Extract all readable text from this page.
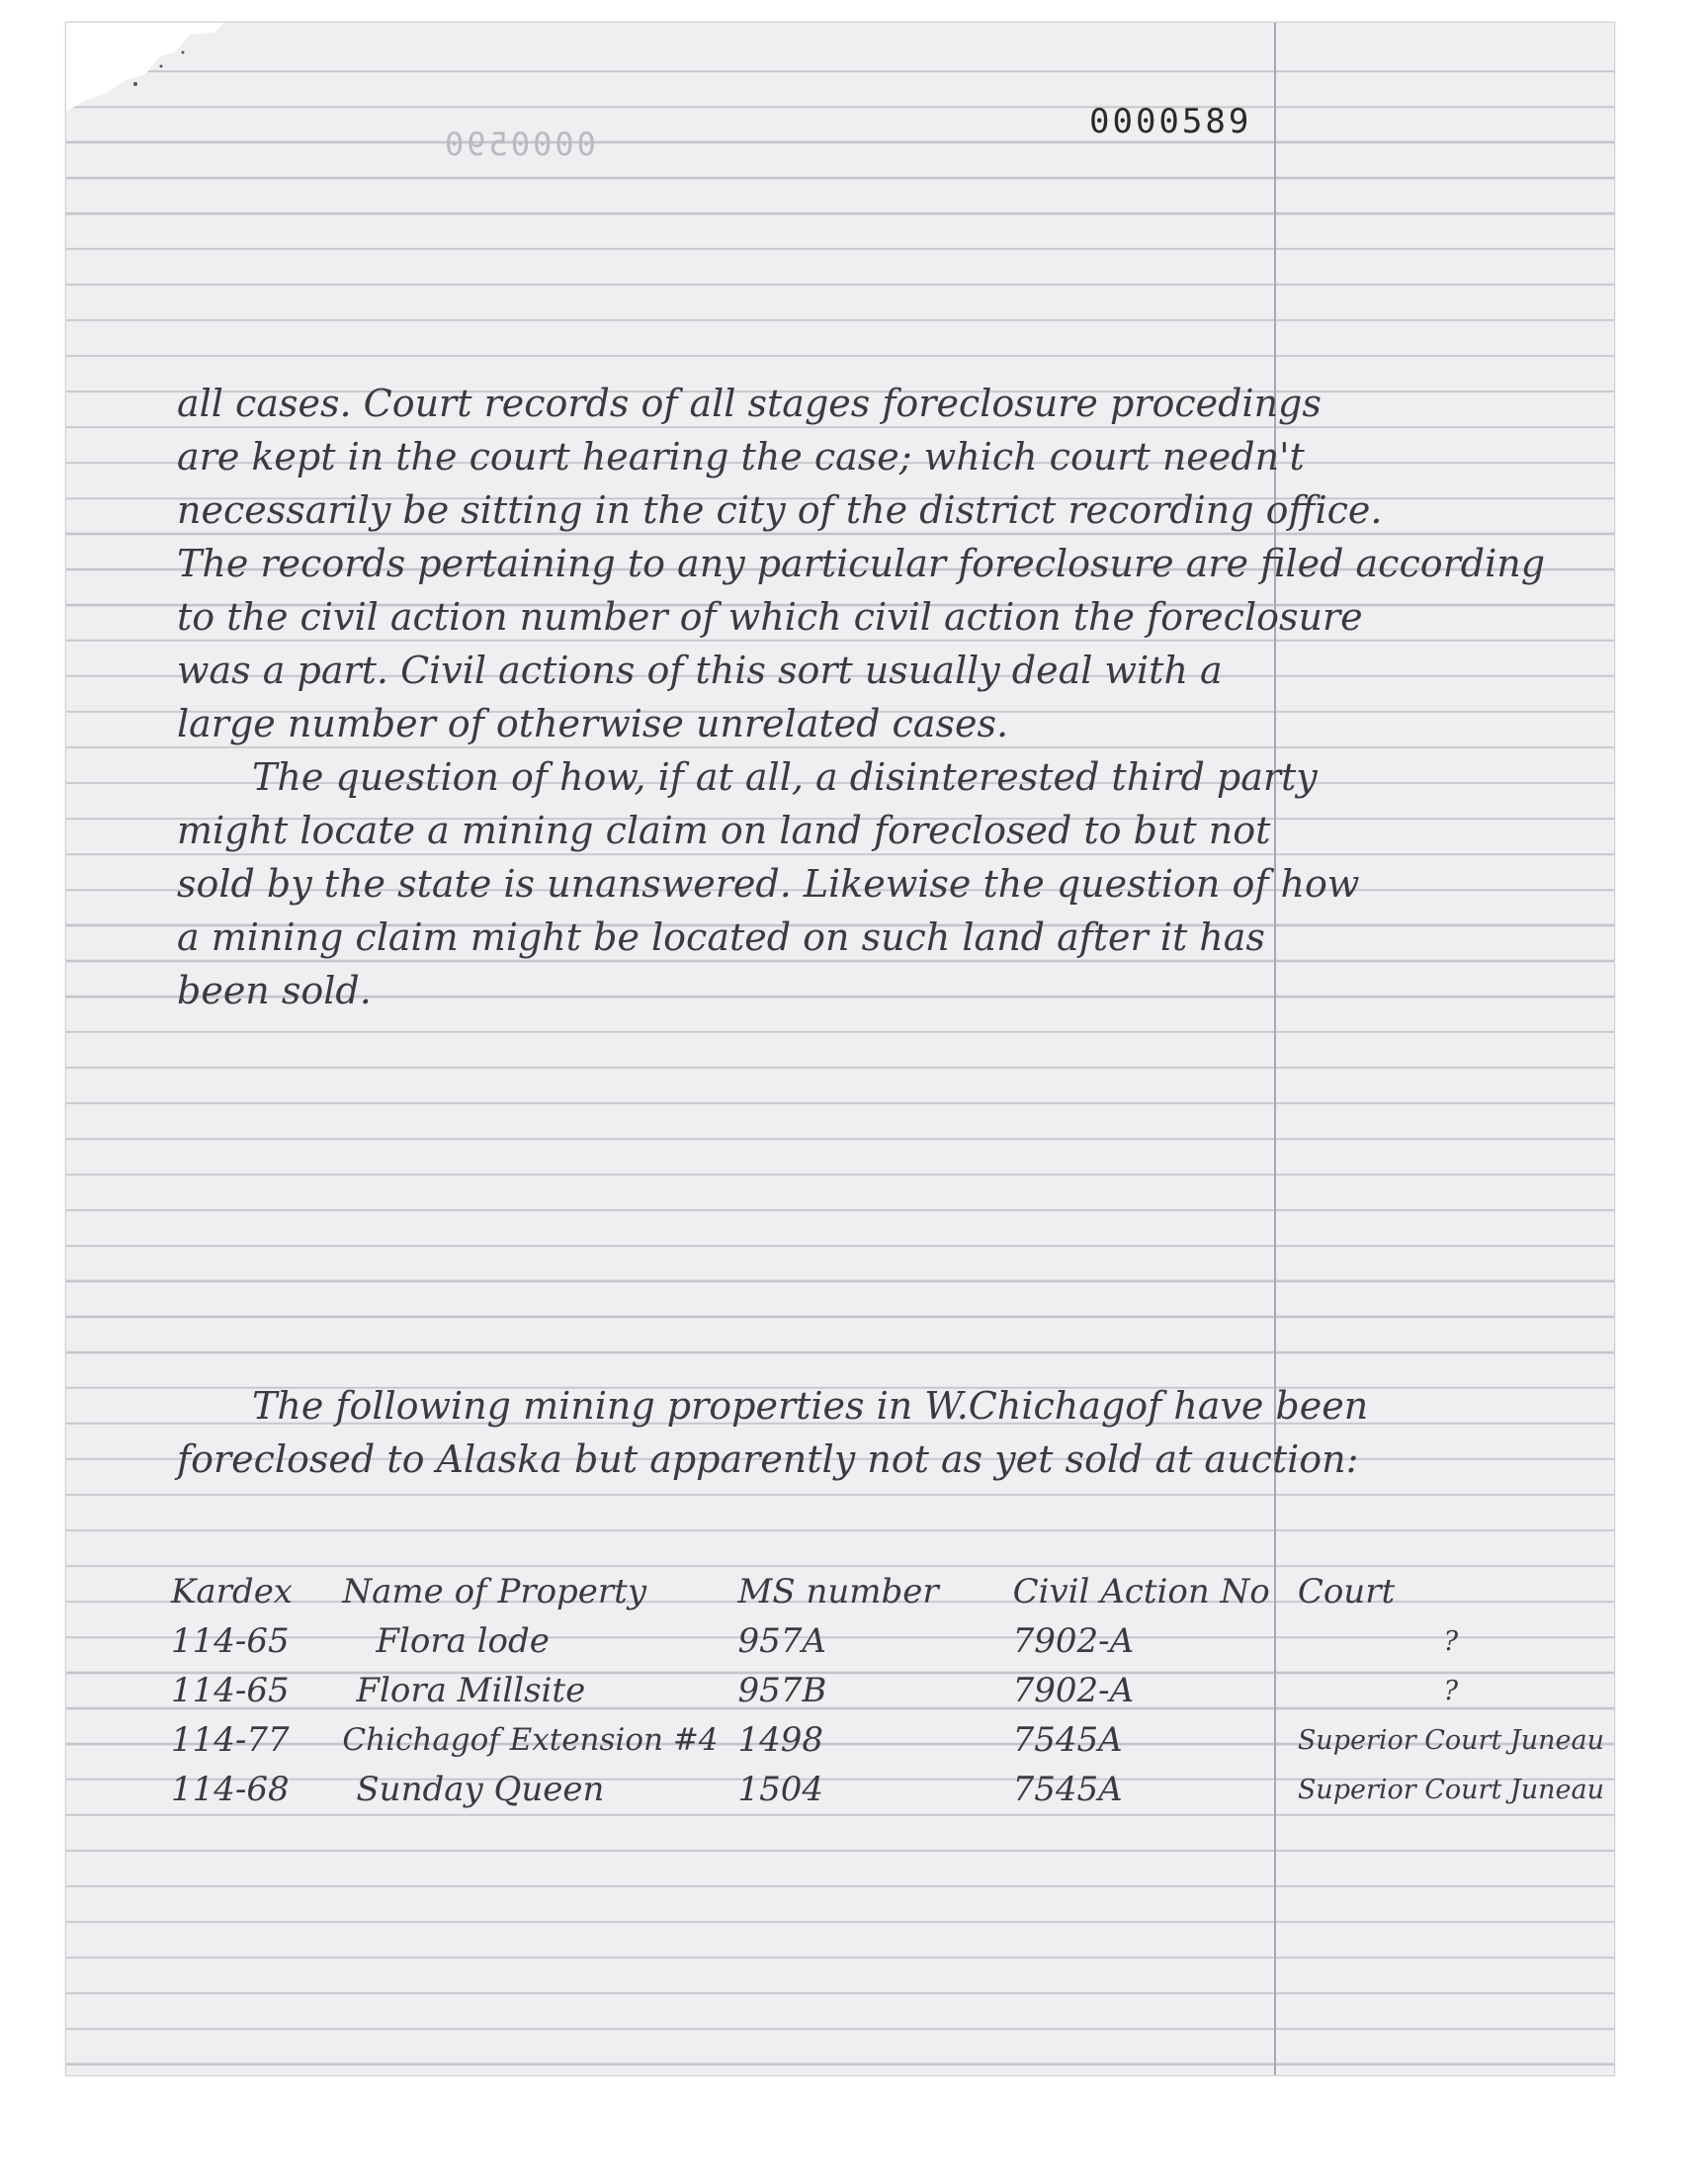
0000589
0000590
all cases. Court records of all stages foreclosure procedings
are kept in the court hearing the case; which court needn't
necessarily be sitting in the city of the district recording office.
The records pertaining to any particular foreclosure are filed according
to the civil action number of which civil action the foreclosure
was a part. Civil actions of this sort usually deal with a
large number of otherwise unrelated cases.
The question of how, if at all, a disinterested third party
might locate a mining claim on land foreclosed to but not
sold by the state is unanswered. Likewise the question of how
a mining claim might be located on such land after it has
been sold.
The following mining properties in W.Chichagof have been
foreclosed to Alaska but apparently not as yet sold at auction:
Kardex	Name of Property	MS number	Civil Action No	Court
114-65	Flora lode	957A	7902-A	?
114-65	Flora Millsite	957B	7902-A	?
114-77	Chichagof Extension #4	1498	7545A	Superior Court Juneau
114-68	Sunday Queen	1504	7545A	Superior Court Juneau
